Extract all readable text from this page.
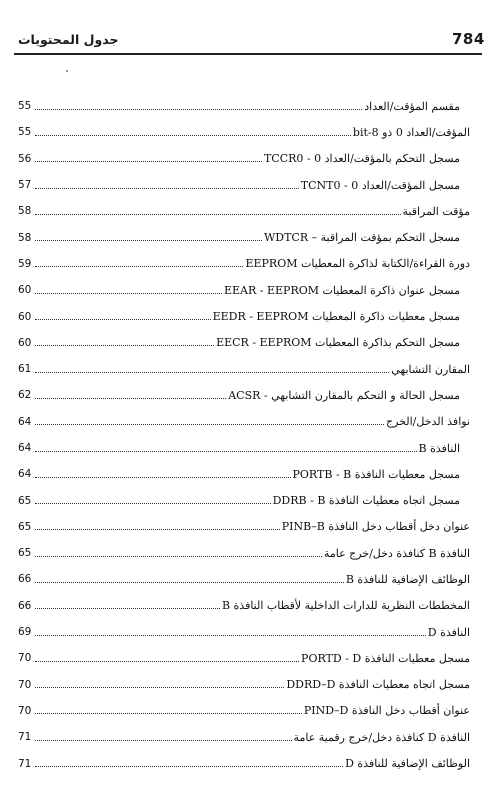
جدول المحتويات	784
55	مقسم المؤقت/العداد
55	المؤقت/العداد 0 ذو 8-bit
56	مسجل التحكم بالمؤقت/العداد 0 - TCCR0
57	مسجل المؤقت/العداد 0 - TCNT0
58	مؤقت المراقبة
58	مسجل التحكم بمؤقت المراقبة – WDTCR
59	دورة القراءة/الكتابة لذاكرة المعطيات EEPROM
60	مسجل عنوان ذاكرة المعطيات EEAR - EEPROM
60	مسجل معطيات ذاكرة المعطيات EEDR - EEPROM
60	مسجل التحكم بذاكرة المعطيات EECR - EEPROM
61	المقارن التشابهي
62	مسجل الحالة و التحكم بالمقارن التشابهي - ACSR
64	نوافذ الدخل/الخرج
64	النافذة B
64	مسجل معطيات النافذة PORTB - B
65	مسجل اتجاه معطيات النافذة DDRB - B
65	عنوان دخل أقطاب دخل النافذة PINB–B
65	النافذة B كنافذة دخل/خرج عامة
66	الوظائف الإضافية للنافذة B
66	المخططات النظرية للدارات الداخلية لأقطاب النافذة B
69	النافذة D
70	مسجل معطيات النافذة PORTD - D
70	مسجل اتجاه معطيات النافذة DDRD–D
70	عنوان أقطاب دخل النافذة PIND–D
71	النافذة D كنافذة دخل/خرج رقمية عامة
71	الوظائف الإضافية للنافذة D
